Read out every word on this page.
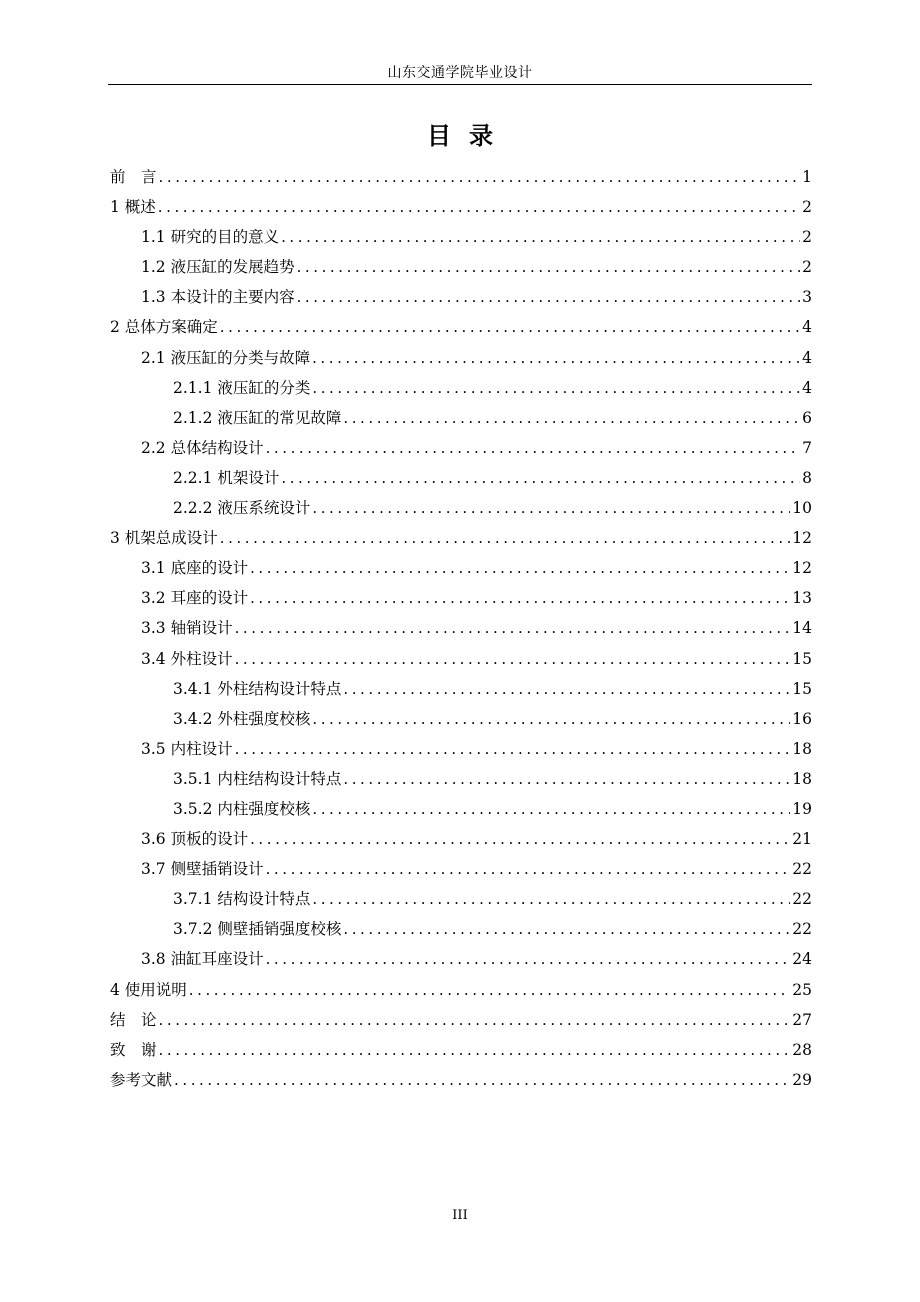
山东交通学院毕业设计
目 录
前　言 . . .	1
1 概述 . . .	2
1.1 研究的目的意义 . . .	2
1.2 液压缸的发展趋势 . . .	2
1.3 本设计的主要内容 . . .	3
2 总体方案确定 . . .	4
2.1 液压缸的分类与故障 . . .	4
2.1.1 液压缸的分类 . . .	4
2.1.2 液压缸的常见故障 . . .	6
2.2 总体结构设计 . . .	7
2.2.1 机架设计 . . .	8
2.2.2 液压系统设计 . . .	10
3 机架总成设计 . . .	12
3.1 底座的设计 . . .	12
3.2 耳座的设计 . . .	13
3.3 轴销设计 . . .	14
3.4 外柱设计 . . .	15
3.4.1 外柱结构设计特点 . . .	15
3.4.2 外柱强度校核 . . .	16
3.5 内柱设计 . . .	18
3.5.1 内柱结构设计特点 . . .	18
3.5.2 内柱强度校核 . . .	19
3.6 顶板的设计 . . .	21
3.7 侧壁插销设计 . . .	22
3.7.1 结构设计特点 . . .	22
3.7.2 侧壁插销强度校核 . . .	22
3.8 油缸耳座设计 . . .	24
4 使用说明 . . .	25
结　论 . . .	27
致　谢 . . .	28
参考文献 . . .	29
III
